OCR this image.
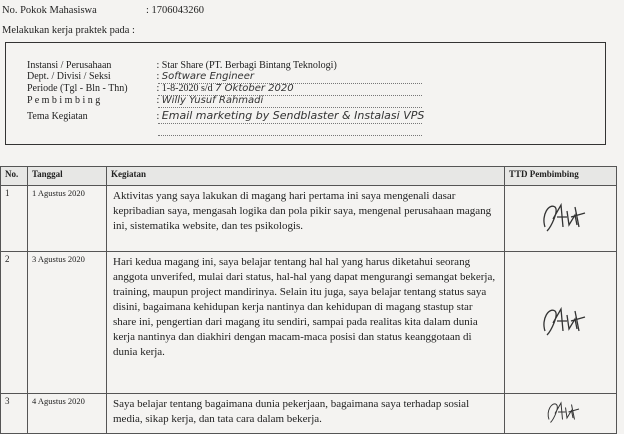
No. Pokok Mahasiswa	: 1706043260
Melakukan kerja praktek pada :
Instansi / Perusahaan	: Star Share (PT. Berbagi Bintang Teknologi)
Dept. / Divisi / Seksi	: Software Engineer
Periode (Tgl - Bln - Thn)	: 1-8-2020 s/d 7 Oktober 2020
P e m b i m b i n g	: Willy Yusuf Rahmadi
Tema Kegiatan	: Email marketing by Sendblaster & Instalasi VPS
No.	Tanggal	Kegiatan	TTD Pembimbing
1	1 Agustus 2020	Aktivitas yang saya lakukan di magang hari pertama ini saya mengenali dasar kepribadian saya, mengasah logika dan pola pikir saya, mengenal perusahaan magang ini, sistematika website, dan tes psikologis.	
2	3 Agustus 2020	Hari kedua magang ini, saya belajar tentang hal hal yang harus diketahui seorang anggota unverifed, mulai dari status, hal-hal yang dapat mengurangi semangat bekerja, training, maupun project mandirinya. Selain itu juga, saya belajar tentang status saya disini, bagaimana kehidupan kerja nantinya dan kehidupan di magang stastup star share ini, pengertian dari magang itu sendiri, sampai pada realitas kita dalam dunia kerja nantinya dan diakhiri dengan macam-maca posisi dan status keanggotaan di dunia kerja.	
3	4 Agustus 2020	Saya belajar tentang bagaimana dunia pekerjaan, bagaimana saya terhadap sosial media, sikap kerja, dan tata cara dalam bekerja.	
